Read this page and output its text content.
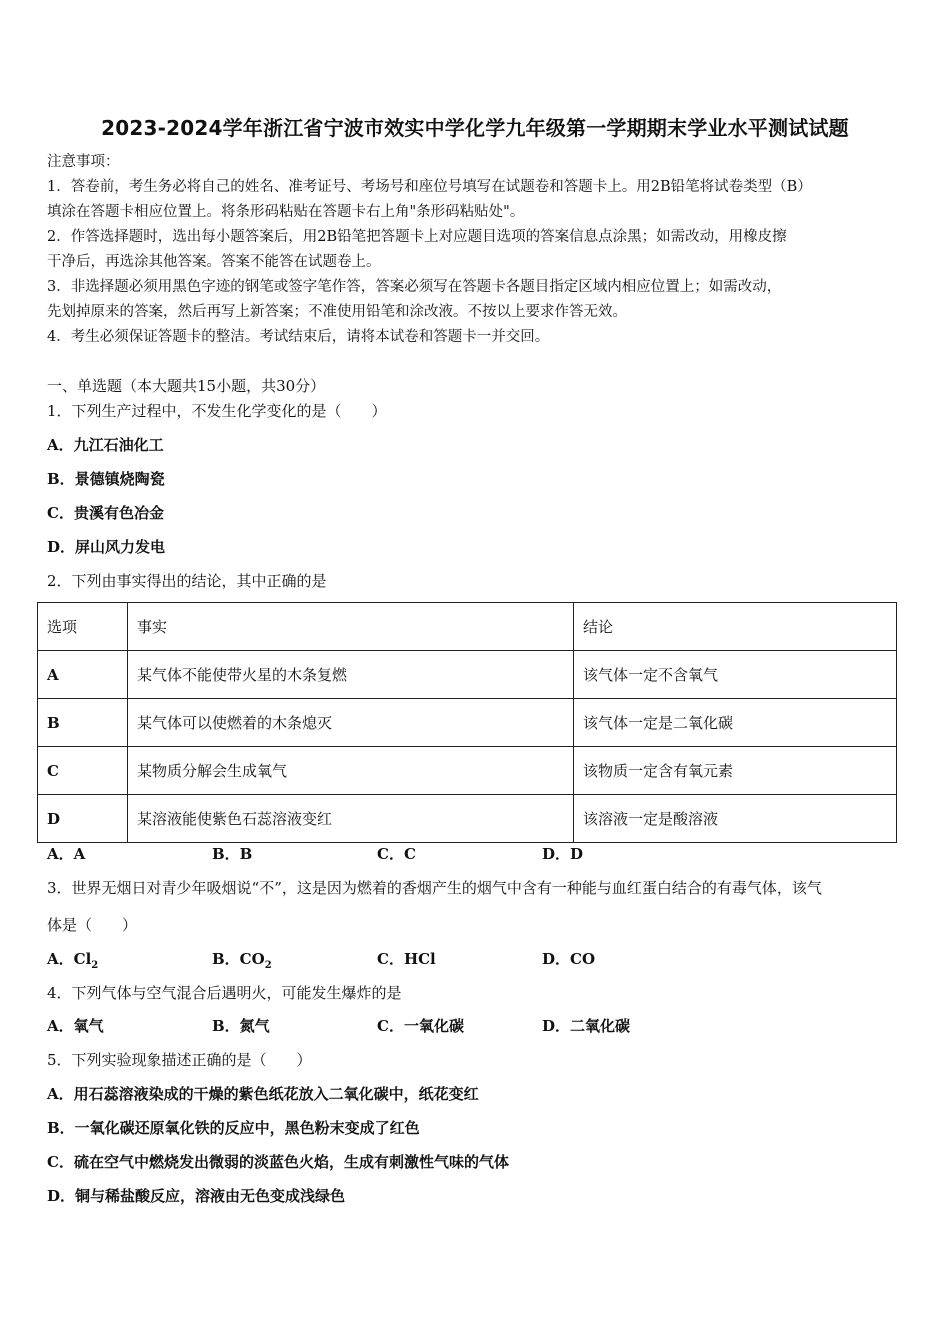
2023-2024学年浙江省宁波市效实中学化学九年级第一学期期末学业水平测试试题
注意事项：
1．答卷前，考生务必将自己的姓名、准考证号、考场号和座位号填写在试题卷和答题卡上。用2B铅笔将试卷类型（B）
填涂在答题卡相应位置上。将条形码粘贴在答题卡右上角"条形码粘贴处"。
2．作答选择题时，选出每小题答案后，用2B铅笔把答题卡上对应题目选项的答案信息点涂黑；如需改动，用橡皮擦
干净后，再选涂其他答案。答案不能答在试题卷上。
3．非选择题必须用黑色字迹的钢笔或签字笔作答，答案必须写在答题卡各题目指定区域内相应位置上；如需改动，
先划掉原来的答案，然后再写上新答案；不准使用铅笔和涂改液。不按以上要求作答无效。
4．考生必须保证答题卡的整洁。考试结束后，请将本试卷和答题卡一并交回。
一、单选题（本大题共15小题，共30分）
1．下列生产过程中，不发生化学变化的是（　　）
A．九江石油化工
B．景德镇烧陶瓷
C．贵溪有色冶金
D．屏山风力发电
2．下列由事实得出的结论，其中正确的是
选项	事实	结论
A	某气体不能使带火星的木条复燃	该气体一定不含氧气
B	某气体可以使燃着的木条熄灭	该气体一定是二氧化碳
C	某物质分解会生成氧气	该物质一定含有氧元素
D	某溶液能使紫色石蕊溶液变红	该溶液一定是酸溶液
A．A	B．B	C．C	D．D
3．世界无烟日对青少年吸烟说“不”，这是因为燃着的香烟产生的烟气中含有一种能与血红蛋白结合的有毒气体，该气
体是（　　）
A．$Cl_2$	B．$CO_2$	C．HCl	D．CO
4．下列气体与空气混合后遇明火，可能发生爆炸的是
A．氧气	B．氮气	C．一氧化碳	D．二氧化碳
5．下列实验现象描述正确的是（　　）
A．用石蕊溶液染成的干燥的紫色纸花放入二氧化碳中，纸花变红
B．一氧化碳还原氧化铁的反应中，黑色粉末变成了红色
C．硫在空气中燃烧发出微弱的淡蓝色火焰，生成有刺激性气味的气体
D．铜与稀盐酸反应，溶液由无色变成浅绿色
